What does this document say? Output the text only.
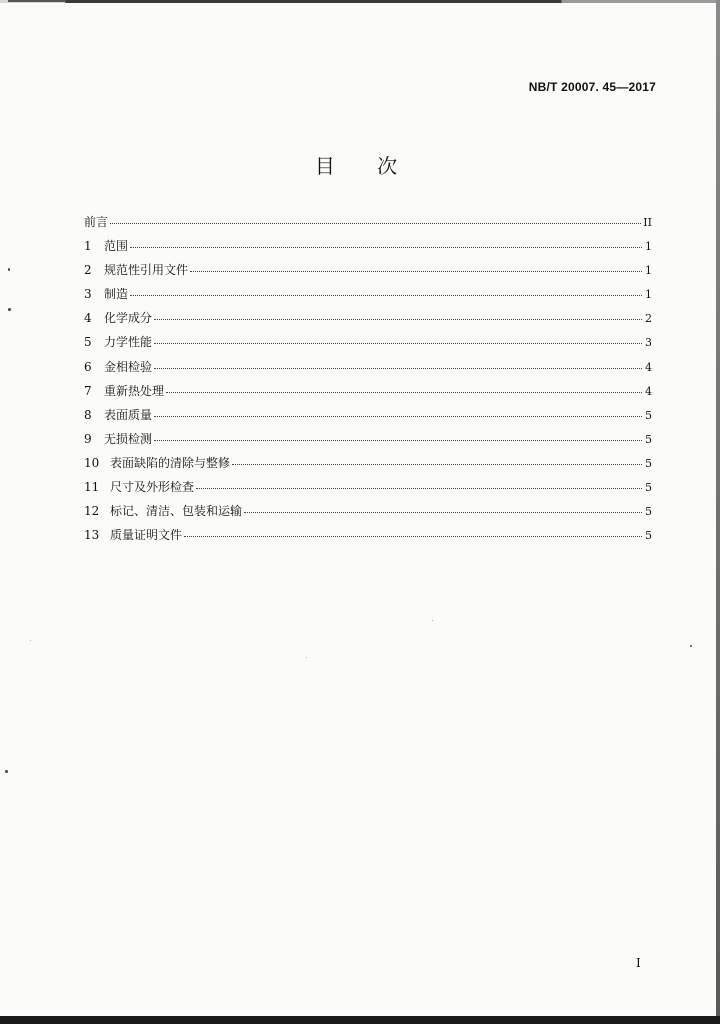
NB/T 20007. 45—2017
目 次
前言	II
1	范围	1
2	规范性引用文件	1
3	制造	1
4	化学成分	2
5	力学性能	3
6	金相检验	4
7	重新热处理	4
8	表面质量	5
9	无损检测	5
10 表面缺陷的清除与整修	5
11 尺寸及外形检查	5
12 标记、清洁、包装和运输	5
13 质量证明文件	5
I
